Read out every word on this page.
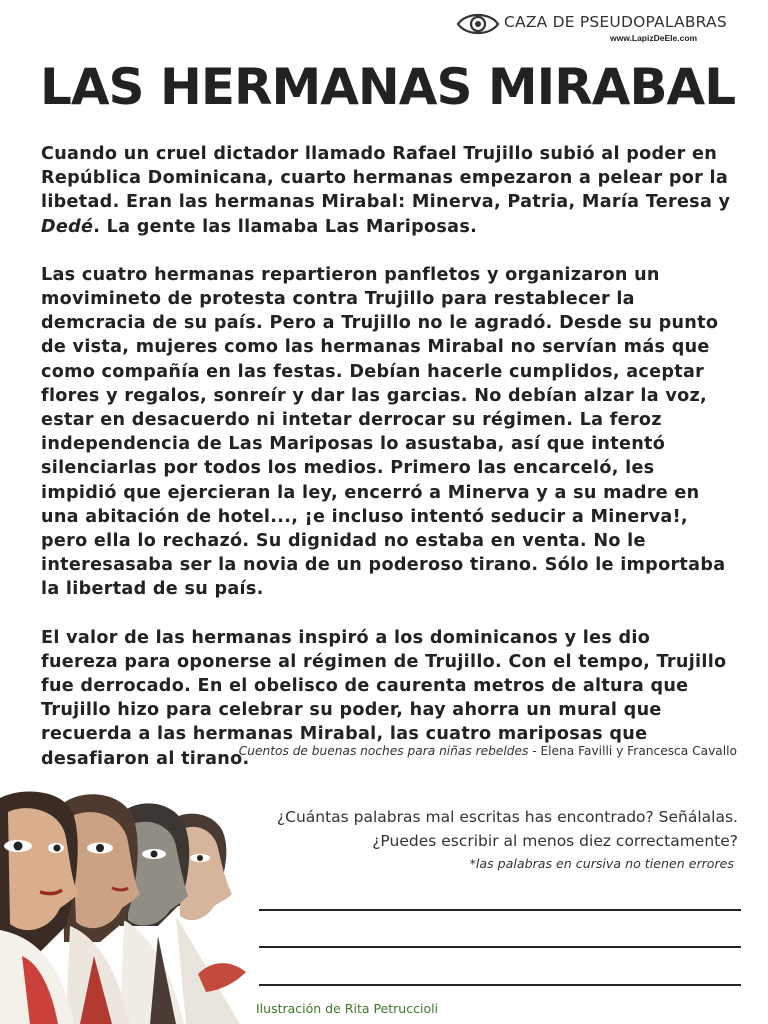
CAZA DE PSEUDOPALABRAS
www.LapizDeEle.com
LAS HERMANAS MIRABAL

Cuando un cruel dictador llamado Rafael Trujillo subió al poder en República Dominicana, cuarto hermanas empezaron a pelear por la libetad. Eran las hermanas Mirabal: Minerva, Patria, María Teresa y Dedé. La gente las llamaba Las Mariposas.

Las cuatro hermanas repartieron panfletos y organizaron un movimineto de protesta contra Trujillo para restablecer la demcracia de su país. Pero a Trujillo no le agradó. Desde su punto de vista, mujeres como las hermanas Mirabal no servían más que como compañía en las festas. Debían hacerle cumplidos, aceptar flores y regalos, sonreír y dar las garcias. No debían alzar la voz, estar en desacuerdo ni intetar derrocar su régimen. La feroz independencia de Las Mariposas lo asustaba, así que intentó silenciarlas por todos los medios. Primero las encarceló, les impidió que ejercieran la ley, encerró a Minerva y a su madre en una abitación de hotel..., ¡e incluso intentó seducir a Minerva!, pero ella lo rechazó. Su dignidad no estaba en venta. No le interesasaba ser la novia de un poderoso tirano. Sólo le importaba la libertad de su país.

El valor de las hermanas inspiró a los dominicanos y les dio fuereza para oponerse al régimen de Trujillo. Con el tempo, Trujillo fue derrocado. En el obelisco de caurenta metros de altura que Trujillo hizo para celebrar su poder, hay ahorra un mural que recuerda a las hermanas Mirabal, las cuatro mariposas que desafiaron al tirano.

Cuentos de buenas noches para niñas rebeldes - Elena Favilli y Francesca Cavallo
¿Cuántas palabras mal escritas has encontrado? Señálalas.
¿Puedes escribir al menos diez correctamente?
*las palabras en cursiva no tienen errores
Ilustración de Rita Petruccioli
